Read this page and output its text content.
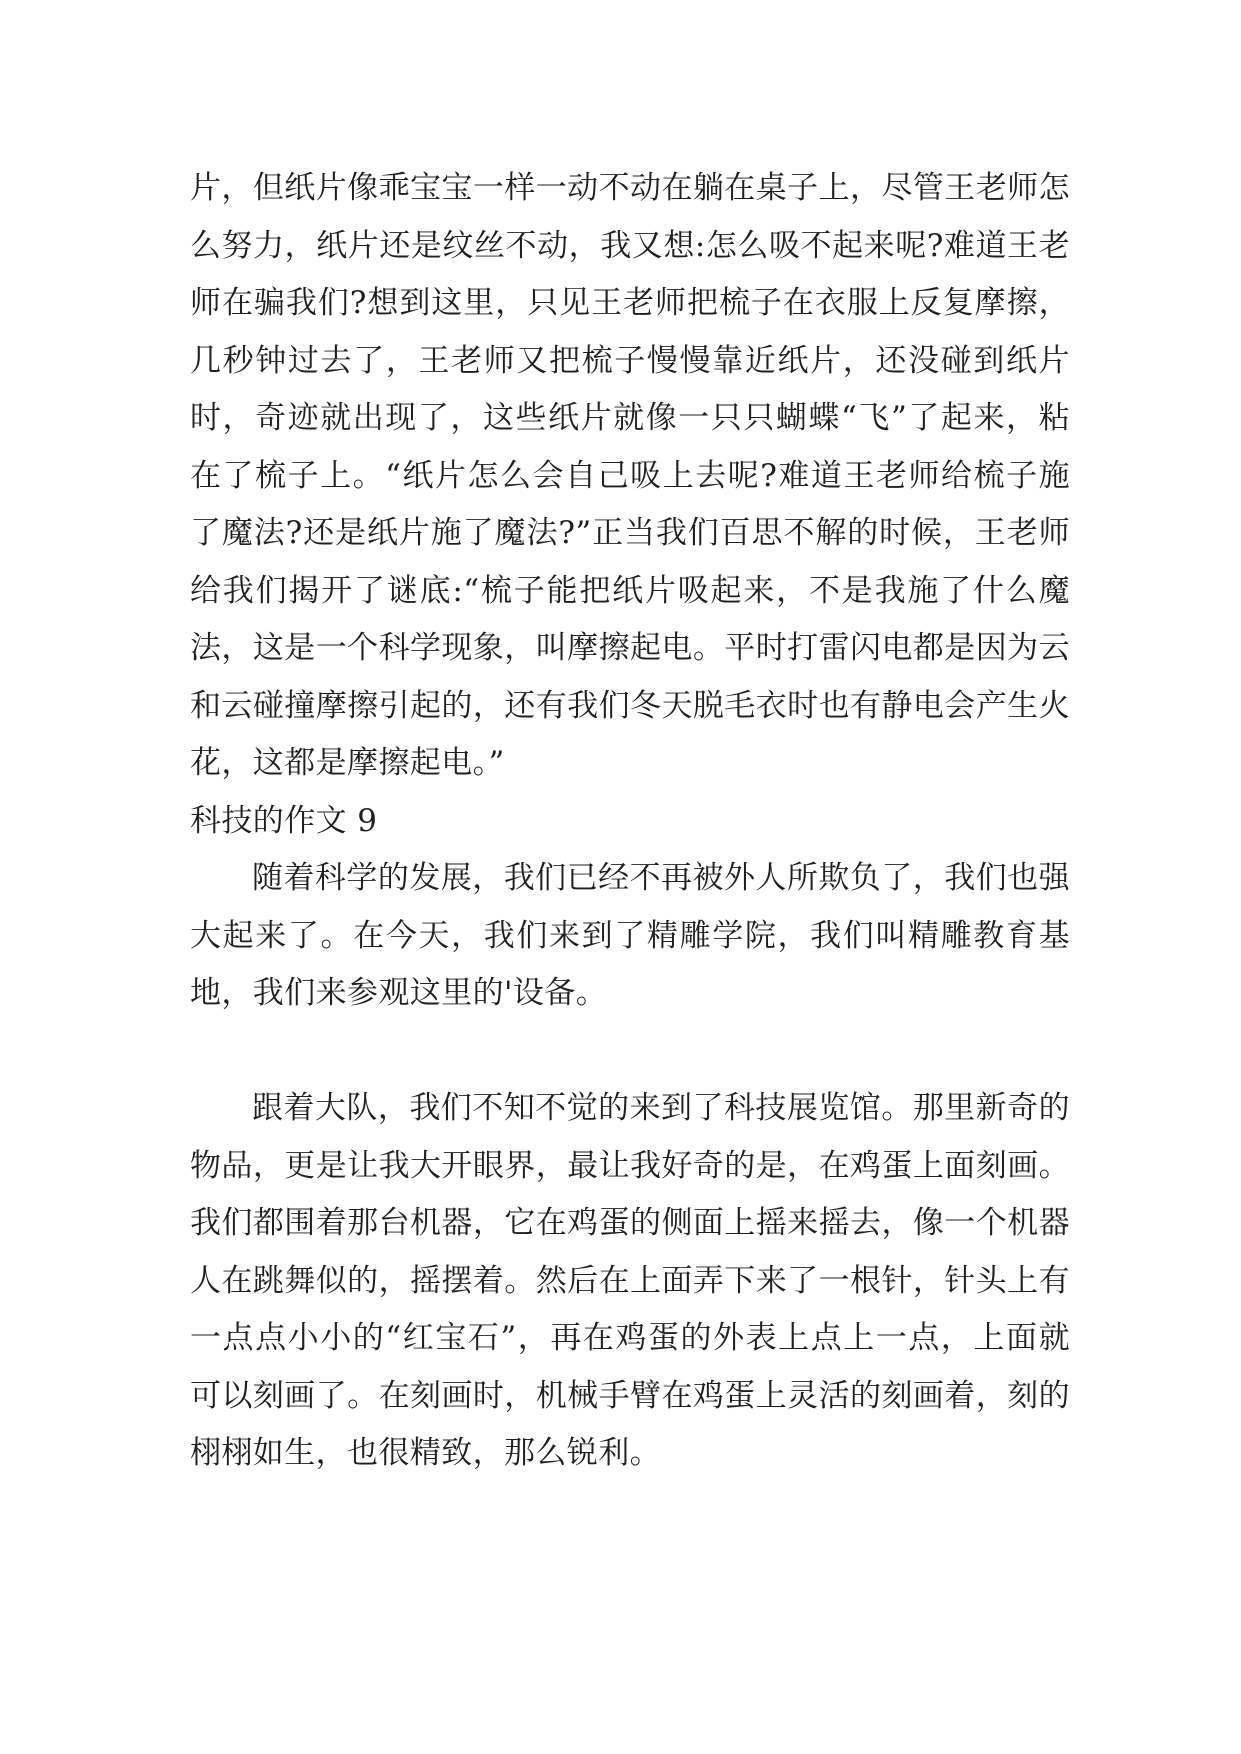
片，但纸片像乖宝宝一样一动不动在躺在桌子上，尽管王老师怎么努力，纸片还是纹丝不动，我又想:怎么吸不起来呢?难道王老师在骗我们?想到这里，只见王老师把梳子在衣服上反复摩擦，几秒钟过去了，王老师又把梳子慢慢靠近纸片，还没碰到纸片时，奇迹就出现了，这些纸片就像一只只蝴蝶“飞”了起来，粘在了梳子上。“纸片怎么会自己吸上去呢?难道王老师给梳子施了魔法?还是纸片施了魔法?”正当我们百思不解的时候，王老师给我们揭开了谜底:“梳子能把纸片吸起来，不是我施了什么魔法，这是一个科学现象，叫摩擦起电。平时打雷闪电都是因为云和云碰撞摩擦引起的，还有我们冬天脱毛衣时也有静电会产生火花，这都是摩擦起电。”

科技的作文 9

随着科学的发展，我们已经不再被外人所欺负了，我们也强大起来了。在今天，我们来到了精雕学院，我们叫精雕教育基地，我们来参观这里的'设备。

跟着大队，我们不知不觉的来到了科技展览馆。那里新奇的物品，更是让我大开眼界，最让我好奇的是，在鸡蛋上面刻画。我们都围着那台机器，它在鸡蛋的侧面上摇来摇去，像一个机器人在跳舞似的，摇摆着。然后在上面弄下来了一根针，针头上有一点点小小的“红宝石”，再在鸡蛋的外表上点上一点，上面就可以刻画了。在刻画时，机械手臂在鸡蛋上灵活的刻画着，刻的栩栩如生，也很精致，那么锐利。
